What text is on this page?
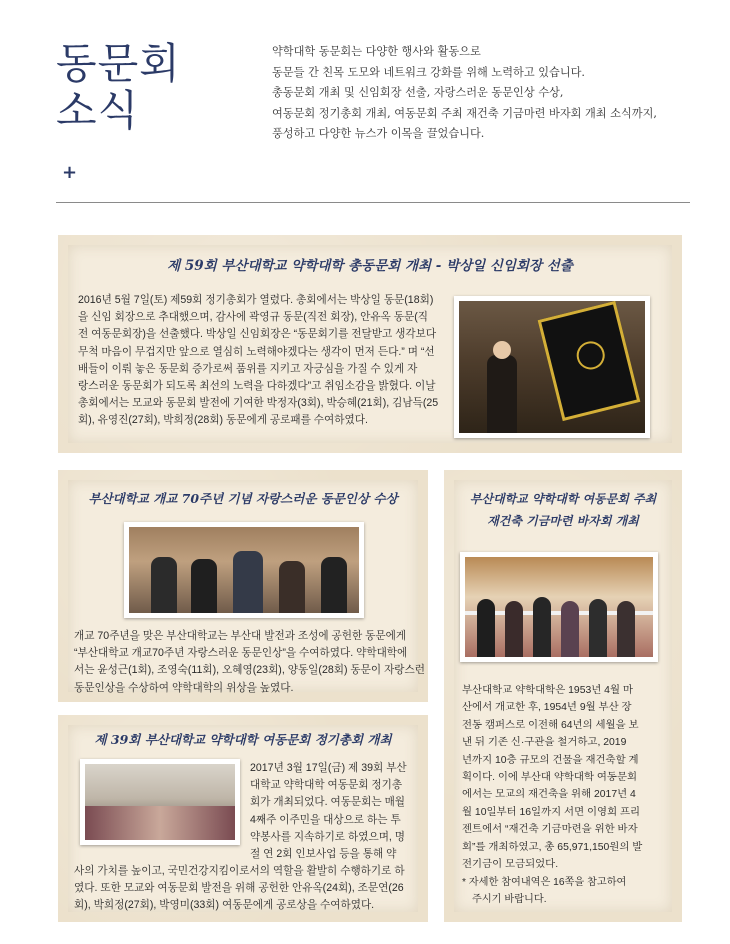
동문회
소식
+

약학대학 동문회는 다양한 행사와 활동으로

동문들 간 친목 도모와 네트워크 강화를 위해 노력하고 있습니다.

총동문회 개최 및 신임회장 선출, 자랑스러운 동문인상 수상,

여동문회 정기총회 개최, 여동문회 주최 재건축 기금마련 바자회 개최 소식까지,

풍성하고 다양한 뉴스가 이목을 끌었습니다.

제 59회 부산대학교 약학대학 총동문회 개최 - 박상일 신임회장 선출

2016년 5월 7일(토) 제59회 정기총회가 열렸다. 총회에서는 박상일 동문(18회)

을 신임 회장으로 추대했으며, 감사에 곽영규 동문(직전 회장), 안유옥 동문(직

전 여동문회장)을 선출했다. 박상일 신임회장은 “동문회기를 전달받고 생각보다

무척 마음이 무겁지만 앞으로 열심히 노력해야겠다는 생각이 먼저 든다.” 며 “선

배들이 이뤄 놓은 동문회 증가로써 품위를 지키고 자긍심을 가질 수 있게 자

랑스러운 동문회가 되도록 최선의 노력을 다하겠다”고 취임소감을 밝혔다. 이날

총회에서는 모교와 동문회 발전에 기여한 박정자(3회), 박승혜(21회), 김남득(25

회), 유영진(27회), 박희정(28회) 동문에게 공로패를 수여하였다.

부산대학교 개교 70주년 기념 자랑스러운 동문인상 수상

개교 70주년을 맞은 부산대학교는 부산대 발전과 조성에 공헌한 동문에게

“부산대학교 개교70주년 자랑스러운 동문인상”을 수여하였다. 약학대학에

서는 윤성근(1회), 조영숙(11회), 오혜영(23회), 양동일(28회) 동문이 자랑스런

동문인상을 수상하여 약학대학의 위상을 높였다.

제 39회 부산대학교 약학대학 여동문회 정기총회 개최

2017년 3월 17일(금) 제 39회 부산

대학교 약학대학 여동문회 정기총

회가 개최되었다. 여동문회는 매월

4째주 이주민을 대상으로 하는 투

약봉사를 지속하기로 하였으며, 명

절 연 2회 인보사업 등을 통해 약

사의 가치를 높이고, 국민건강지킴이로서의 역할을 활발히 수행하기로 하

였다. 또한 모교와 여동문회 발전을 위해 공헌한 안유옥(24회), 조문연(26

회), 박희정(27회), 박영미(33회) 여동문에게 공로상을 수여하였다.

부산대학교 약학대학 여동문회 주최
재건축 기금마련 바자회 개최

부산대학교 약학대학은 1953년 4월 마

산에서 개교한 후, 1954년 9월 부산 장

전동 캠퍼스로 이전해 64년의 세월을 보

낸 뒤 기존 신·구관을 철거하고, 2019

년까지 10층 규모의 건물을 재건축할 계

획이다. 이에 부산대 약학대학 여동문회

에서는 모교의 재건축을 위해 2017년 4

월 10일부터 16일까지 서면 이영희 프리

젠트에서 “재건축 기금마련을 위한 바자

회”를 개최하였고, 총 65,971,150원의 발

전기금이 모금되었다.

* 자세한 참여내역은 16쪽을 참고하여

주시기 바랍니다.
